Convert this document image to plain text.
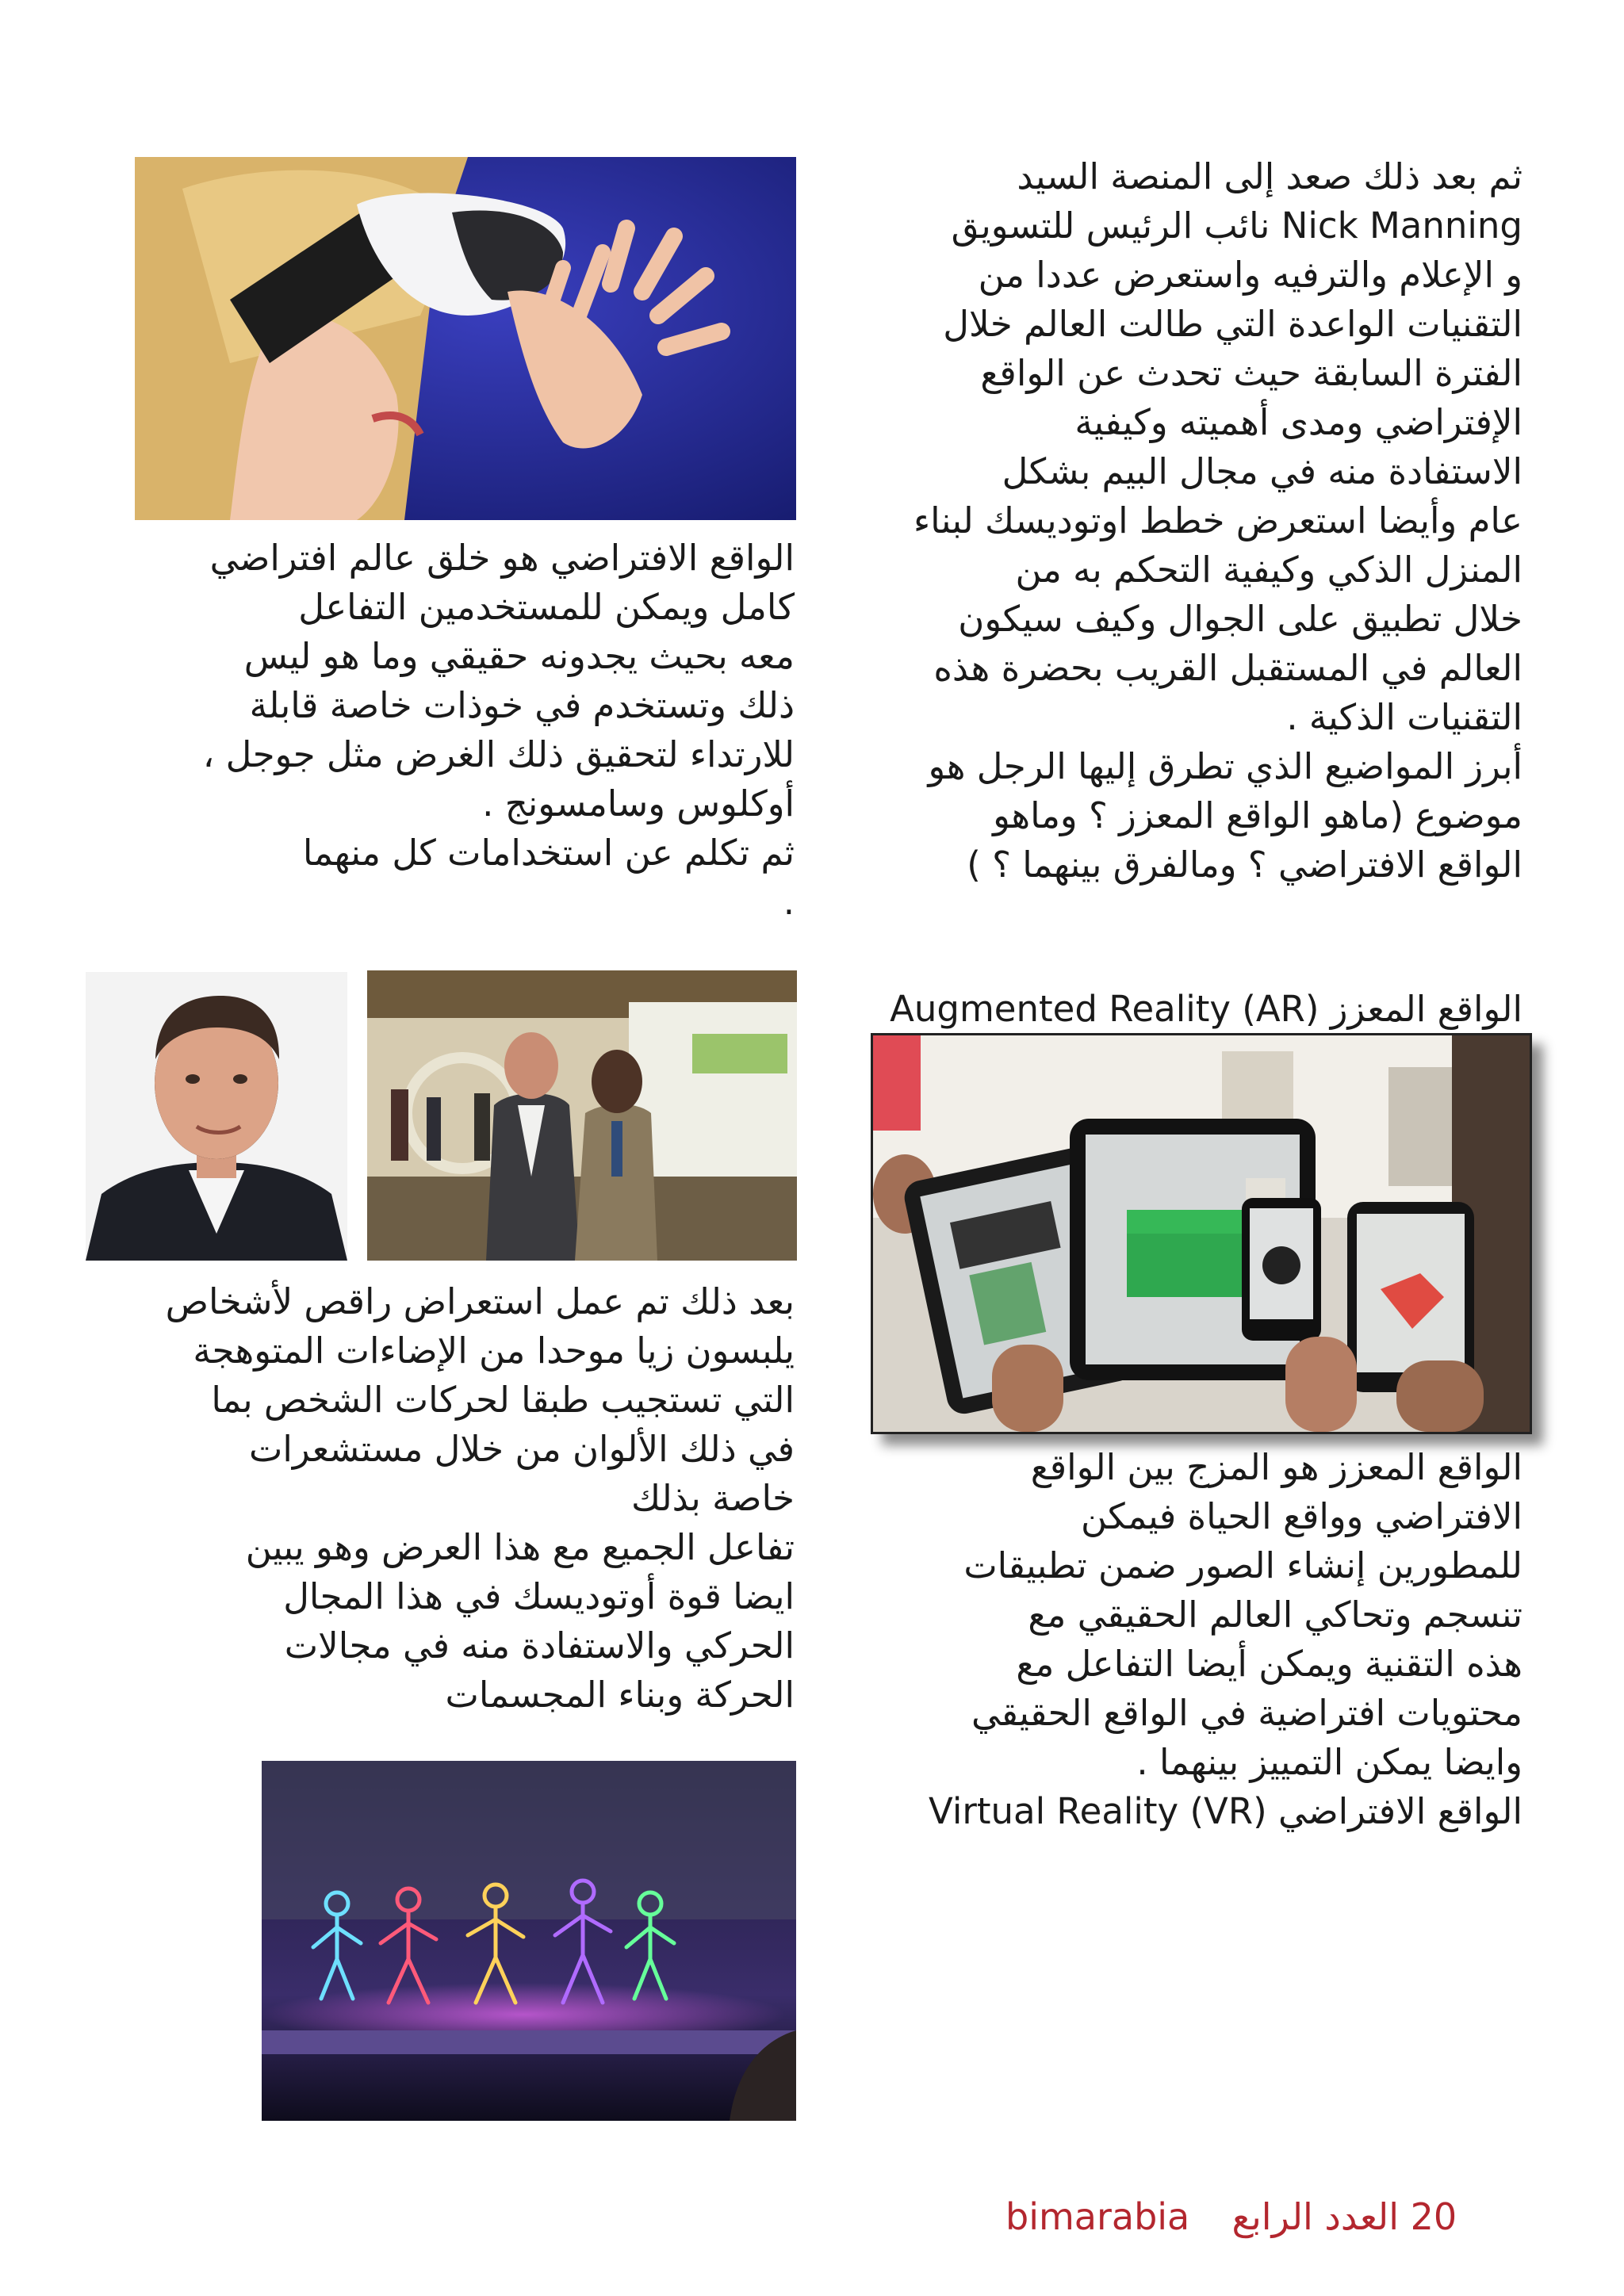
ثم بعد ذلك صعد إلى المنصة السيد
Nick Manning نائب الرئيس للتسويق
و الإعلام والترفيه واستعرض عددا من
التقنيات الواعدة التي طالت العالم خلال
الفترة السابقة حيث تحدث عن الواقع
الإفتراضي ومدى أهميته وكيفية
الاستفادة منه في مجال البيم بشكل
عام وأيضا استعرض خطط اوتوديسك لبناء
المنزل الذكي وكيفية التحكم به من
خلال تطبيق على الجوال وكيف سيكون
العالم في المستقبل القريب بحضرة هذه
التقنيات الذكية .
أبرز المواضيع الذي تطرق إليها الرجل هو
موضوع (ماهو الواقع المعزز ؟ وماهو
الواقع الافتراضي ؟ ومالفرق بينهما ؟ )
الواقع المعزز Augmented Reality (AR)
الواقع المعزز هو المزج بين الواقع
الافتراضي وواقع الحياة فيمكن
للمطورين إنشاء الصور ضمن تطبيقات
تنسجم وتحاكي العالم الحقيقي مع
هذه التقنية ويمكن أيضا التفاعل مع
محتويات افتراضية في الواقع الحقيقي
وايضا يمكن التمييز بينهما .
الواقع الافتراضي Virtual Reality (VR)
الواقع الافتراضي هو خلق عالم افتراضي
كامل ويمكن للمستخدمين التفاعل
معه بحيث يجدونه حقيقي وما هو ليس
ذلك وتستخدم في خوذات خاصة قابلة
للارتداء لتحقيق ذلك الغرض مثل جوجل ،
أوكلوس وسامسونج .
ثم تكلم عن استخدامات كل منهما
.
بعد ذلك تم عمل استعراض راقص لأشخاص
يلبسون زيا موحدا من الإضاءات المتوهجة
التي تستجيب طبقا لحركات الشخص بما
في ذلك الألوان من خلال مستشعرات
خاصة بذلك
تفاعل الجميع مع هذا العرض وهو يبين
ايضا قوة أوتوديسك في هذا المجال
الحركي والاستفادة منه في مجالات
الحركة وبناء المجسمات
bimarabia 20 العدد الرابع
